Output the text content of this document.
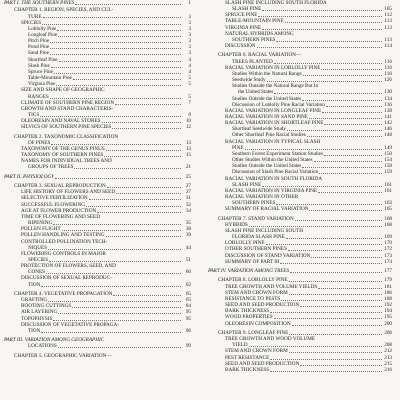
PART I. THE SOUTHERN PINES	1
CHAPTER 1. REGION, SPECIES, AND CUL-
TURE	3
SPECIES	3
Loblolly Pine	3
Longleaf Pine	3
Pitch Pine	3
Pond Pine	3
Sand Pine	3
Shortleaf Pine	4
Slash Pine	4
Spruce Pine	4
Table-Mountain Pine	5
Virginia Pine	5
SIZE AND SHAPE OF GEOGRAPHIC
RANGES	5
CLIMATE OF SOUTHERN PINE REGION	7
GROWTH AND STAND CHARACTERIS-
TICS	8
OLEORESIN AND NAVAL STORES	10
SILVICS OF SOUTHERN PINE SPECIES	12
CHAPTER 2. TAXONOMIC CLASSIFICATION
OF PINES	13
TAXONOMY OF THE GENUS PINUS	13
TAXONOMY OF SOUTHERN PINES	15
NAMES FOR INDIVIDUAL TREES AND
GROUPS OF TREES	21
PART II. PHYSIOLOGY	25
CHAPTER 3. SEXUAL REPRODUCTION	27
LIFE HISTORY OF FLOWERS AND SEED	27
SELECTIVE FERTILIZATION	31
SUCCESSFUL FLOWERING	32
AGE AT FLOWER PRODUCTION	34
TIME OF FLOWERING AND SEED
RIPENING	35
POLLEN FLIGHT	38
POLLEN HANDLING AND TESTING	39
CONTROLLED POLLINATION TECH-
NIQUES	44
FLOWERING CONTROLS IN MAJOR
SPECIES	51
PROTECTION OF FLOWERS, SEED, AND
CONES	60
DISCUSSION OF SEXUAL REPRODUC-
TION	62
CHAPTER 4. VEGETATIVE PROPAGATION	65
GRAFTING	65
ROOTING CUTTINGS	84
AIR LAYERING	95
TOPOPHYSIS	95
DISCUSSION OF VEGETATIVE PROPAGA-
TION	96
PART III. VARIATION AMONG GEOGRAPHIC
LOCATIONS	99
CHAPTER 5. GEOGRAPHIC VARIATION—
SLASH PINE INCLUDING SOUTH FLORIDA
SLASH PINE	105
SPRUCE PINE	112
TABLE-MOUNTAIN PINE	113
VIRGINIA PINE	113
NATURAL HYBRIDS AMONG
SOUTHERN PINES	113
DISCUSSION	114
CHAPTER 6. RACIAL VARIATION—
TREES PLANTED	116
RACIAL VARIATION IN LOBLOLLY PINE	116
Studies Within the Natural Range	116
Seedwide Study	126
Studies Outside the Natural Range But In
the United States	130
Studies Outside the United States	134
Discussion of Loblolly Pine Racial Variation	136
RACIAL VARIATION IN LONGLEAF PINE	138
RACIAL VARIATION IN SAND PINE	141
RACIAL VARIATION IN SHORTLEAF PINE	142
Shortleaf Seedwide Study	146
Other Shortleaf Pine Racial Studies	148
RACIAL VARIATION IN TYPICAL SLASH
PINE	149
Southern Forest Experiment Station Studies	150
Other Studies Within the United States	154
Studies Outside the United States	158
Discussion of Slash Pine Racial Variation	159
RACIAL VARIATION IN SOUTH FLORIDA
SLASH PINE	161
RACIAL VARIATION IN VIRGINIA PINE	161
RACIAL VARIATION IN OTHER
SOUTHERN PINES	163
SUMMARY OF RACIAL VARIATION	165
CHAPTER 7. STAND VARIATION	168
HYBRIDS	168
SLASH PINE INCLUDING SOUTH
FLORIDA SLASH PINE	169
LOBLOLLY PINE	170
OTHER SOUTHERN PINES	172
DISCUSSION OF STAND VARIATION	173
SUMMARY OF PART III	174
PART IV. VARIATION AMONG TREES	177
CHAPTER 8. LOBLOLLY PINE	179
TREE GROWTH AND VOLUME YIELDS	181
STEM AND CROWN FORM	186
RESISTANCE TO PESTS	188
SEED AND SEED PRODUCTION	192
BARK THICKNESS	194
WOOD PROPERTIES	195
OLEORESIN COMPOSITION	200
CHAPTER 9. LONGLEAF PINE	206
TREE GROWTH AND WOOD VOLUME
YIELD	208
STEM AND CROWN FORM	212
PEST RESISTANCE	213
SEED AND SEED PRODUCTION	215
BARK THICKNESS	216
